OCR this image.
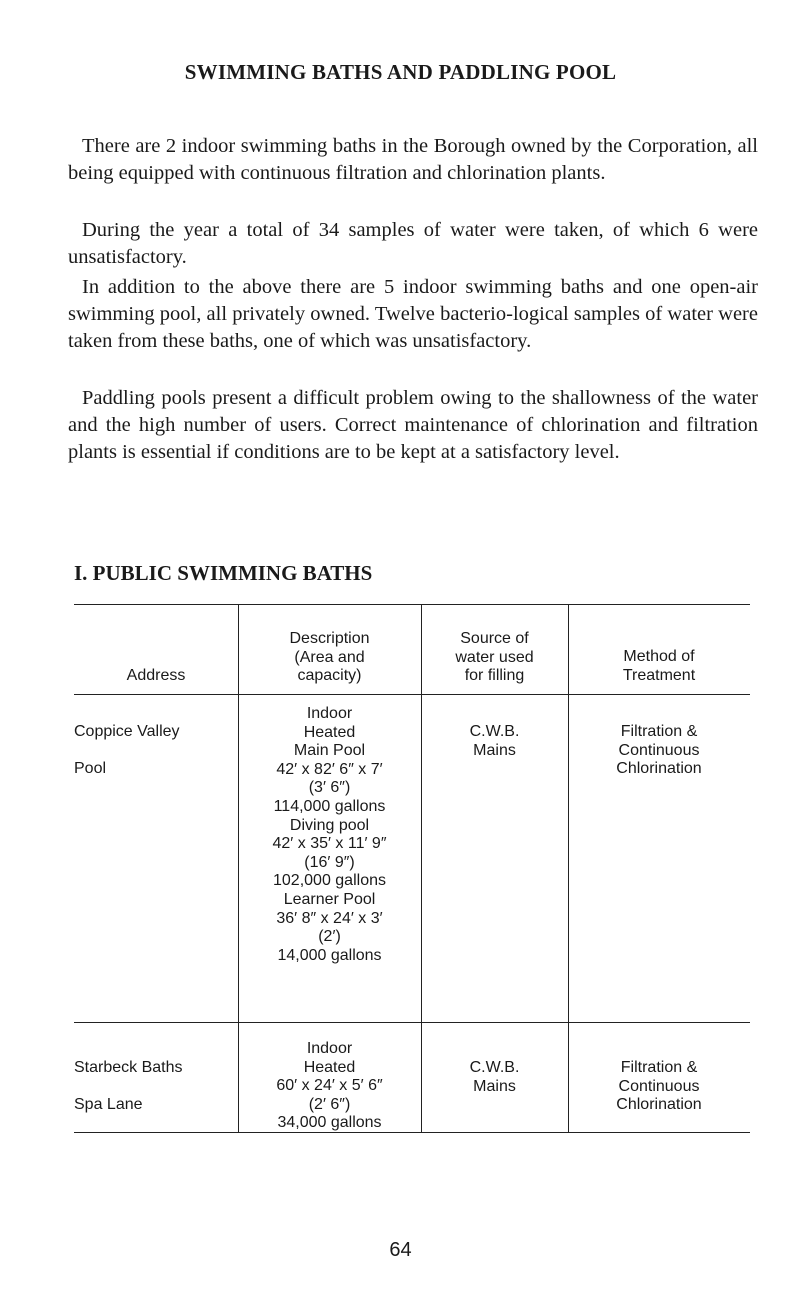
SWIMMING BATHS AND PADDLING POOL

There are 2 indoor swimming baths in the Borough owned by the Corporation, all being equipped with continuous filtration and chlorination plants.

During the year a total of 34 samples of water were taken, of which 6 were unsatisfactory.

In addition to the above there are 5 indoor swimming baths and one open-air swimming pool, all privately owned. Twelve bacterio-logical samples of water were taken from these baths, one of which was unsatisfactory.

Paddling pools present a difficult problem owing to the shallowness of the water and the high number of users. Correct maintenance of chlorination and filtration plants is essential if conditions are to be kept at a satisfactory level.

I. PUBLIC SWIMMING BATHS
Address
Description
(Area and
capacity)
Source of
water used
for filling
Method of
Treatment
Coppice Valley
Pool
Indoor
Heated
Main Pool
42′ x 82′ 6″ x 7′
(3′ 6″)
114,000 gallons
Diving pool
42′ x 35′ x 11′ 9″
(16′ 9″)
102,000 gallons
Learner Pool
36′ 8″ x 24′ x 3′
(2′)
14,000 gallons
C.W.B.
Mains
Filtration &
Continuous
Chlorination
Starbeck Baths
Spa Lane
Indoor
Heated
60′ x 24′ x 5′ 6″
(2′ 6″)
34,000 gallons
C.W.B.
Mains
Filtration &
Continuous
Chlorination
64
